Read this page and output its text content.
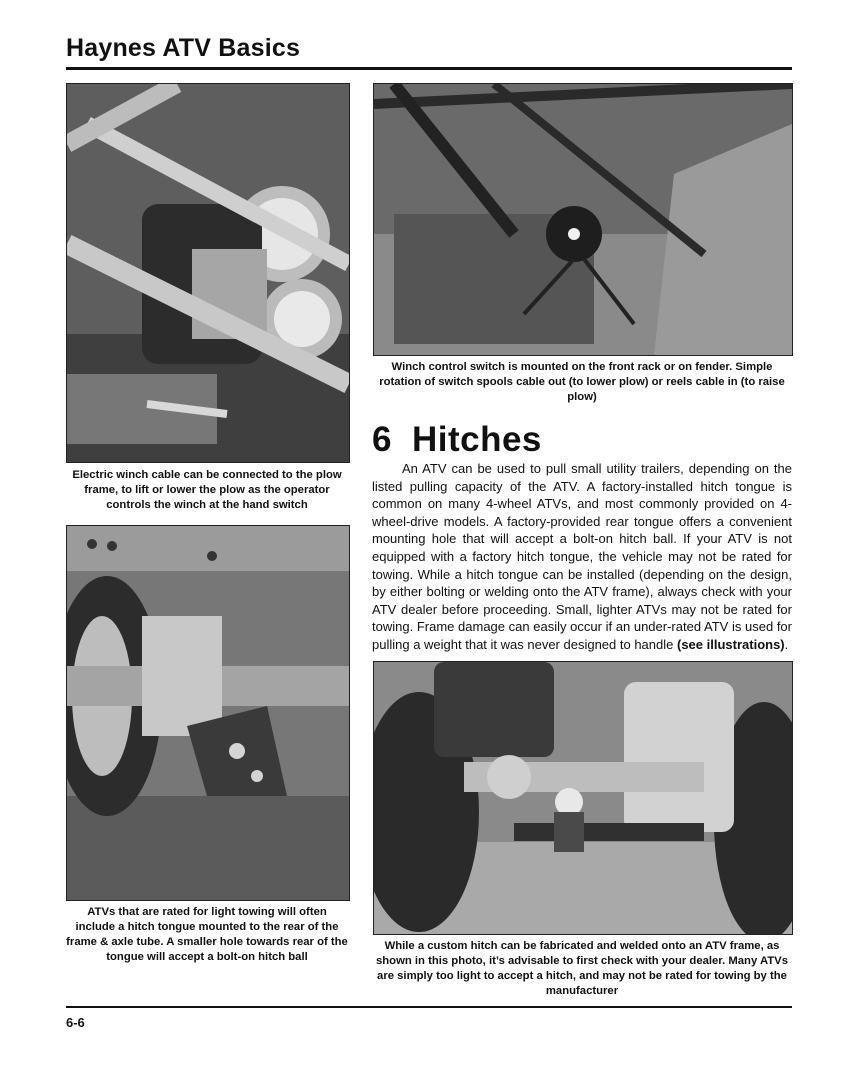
Haynes ATV Basics
Electric winch cable can be connected to the plow frame, to lift or lower the plow as the operator controls the winch at the hand switch
Winch control switch is mounted on the front rack or on fender. Simple rotation of switch spools cable out (to lower plow) or reels cable in (to raise plow)
6 Hitches

An ATV can be used to pull small utility trailers, depending on the listed pulling capacity of the ATV. A factory-installed hitch tongue is common on many 4-wheel ATVs, and most commonly provided on 4-wheel-drive models. A factory-provided rear tongue offers a convenient mounting hole that will accept a bolt-on hitch ball. If your ATV is not equipped with a factory hitch tongue, the vehicle may not be rated for towing. While a hitch tongue can be installed (depending on the design, by either bolting or welding onto the ATV frame), always check with your ATV dealer before proceeding. Small, lighter ATVs may not be rated for towing. Frame damage can easily occur if an under-rated ATV is used for pulling a weight that it was never designed to handle (see illustrations).

ATVs that are rated for light towing will often include a hitch tongue mounted to the rear of the frame & axle tube. A smaller hole towards rear of the tongue will accept a bolt-on hitch ball
While a custom hitch can be fabricated and welded onto an ATV frame, as shown in this photo, it’s advisable to first check with your dealer. Many ATVs are simply too light to accept a hitch, and may not be rated for towing by the manufacturer
6-6
